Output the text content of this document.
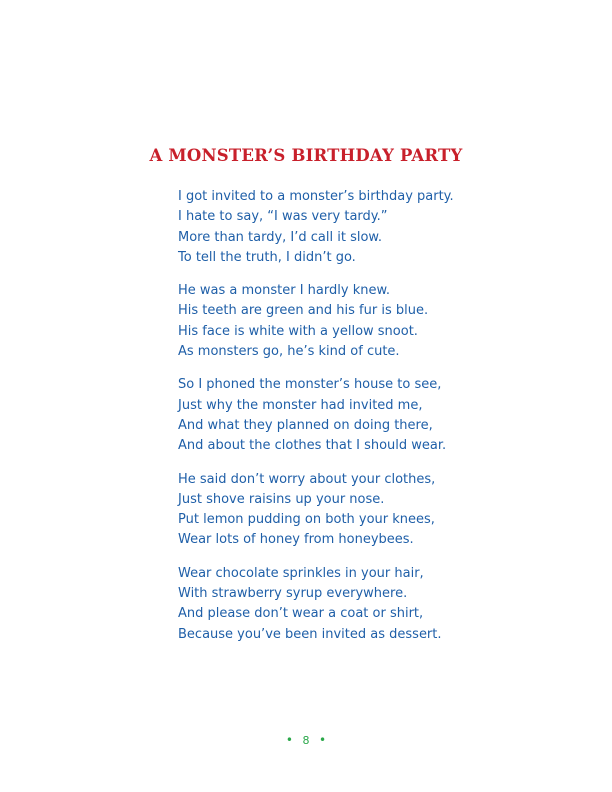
A MONSTER’S BIRTHDAY PARTY
I got invited to a monster’s birthday party.
I hate to say, “I was very tardy.”
More than tardy, I’d call it slow.
To tell the truth, I didn’t go.
He was a monster I hardly knew.
His teeth are green and his fur is blue.
His face is white with a yellow snoot.
As monsters go, he’s kind of cute.
So I phoned the monster’s house to see,
Just why the monster had invited me,
And what they planned on doing there,
And about the clothes that I should wear.
He said don’t worry about your clothes,
Just shove raisins up your nose.
Put lemon pudding on both your knees,
Wear lots of honey from honeybees.
Wear chocolate sprinkles in your hair,
With strawberry syrup everywhere.
And please don’t wear a coat or shirt,
Because you’ve been invited as dessert.
• 8 •
